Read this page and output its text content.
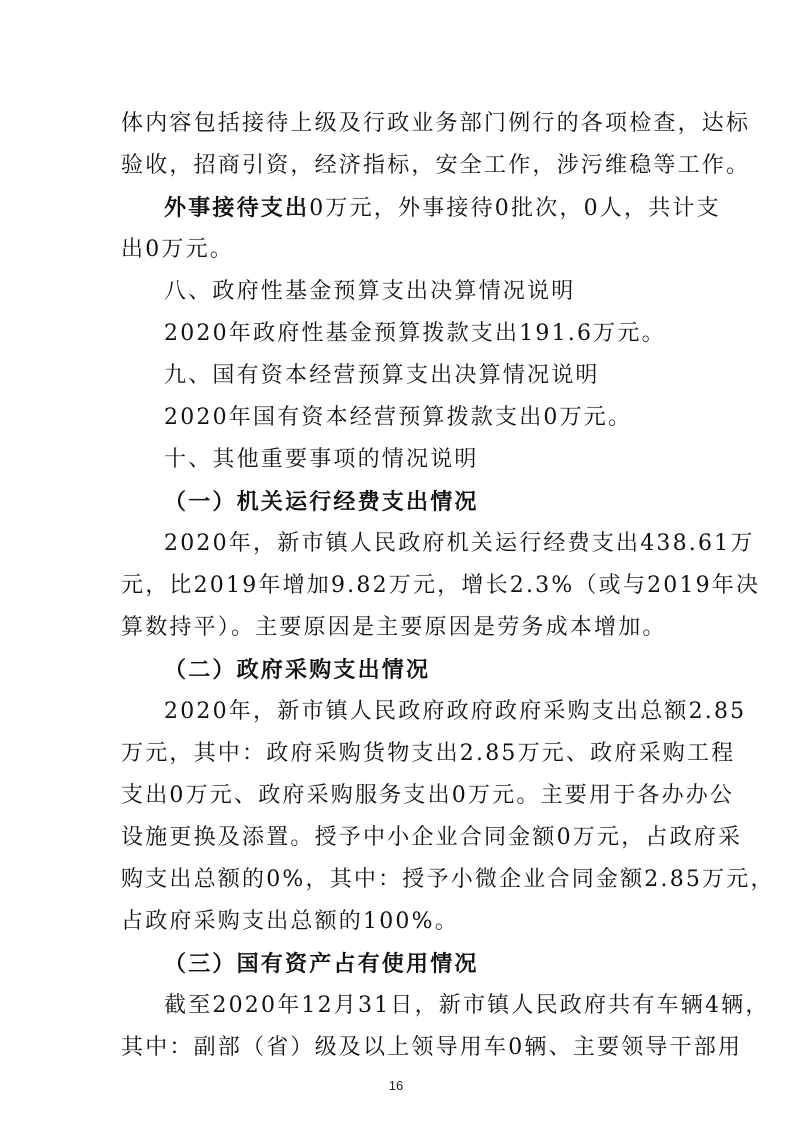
体内容包括接待上级及行政业务部门例行的各项检查，达标
验收，招商引资，经济指标，安全工作，涉污维稳等工作。
外事接待支出0万元，外事接待0批次，0人，共计支
出0万元。
八、政府性基金预算支出决算情况说明
2020年政府性基金预算拨款支出191.6万元。
九、国有资本经营预算支出决算情况说明
2020年国有资本经营预算拨款支出0万元。
十、其他重要事项的情况说明
（一）机关运行经费支出情况
2020年，新市镇人民政府机关运行经费支出438.61万
元，比2019年增加9.82万元，增长2.3%（或与2019年决
算数持平）。主要原因是主要原因是劳务成本增加。
（二）政府采购支出情况
2020年，新市镇人民政府政府政府采购支出总额2.85
万元，其中：政府采购货物支出2.85万元、政府采购工程
支出0万元、政府采购服务支出0万元。主要用于各办办公
设施更换及添置。授予中小企业合同金额0万元，占政府采
购支出总额的0%，其中：授予小微企业合同金额2.85万元，
占政府采购支出总额的100%。
（三）国有资产占有使用情况
截至2020年12月31日，新市镇人民政府共有车辆4辆，
其中：副部（省）级及以上领导用车0辆、主要领导干部用
16
